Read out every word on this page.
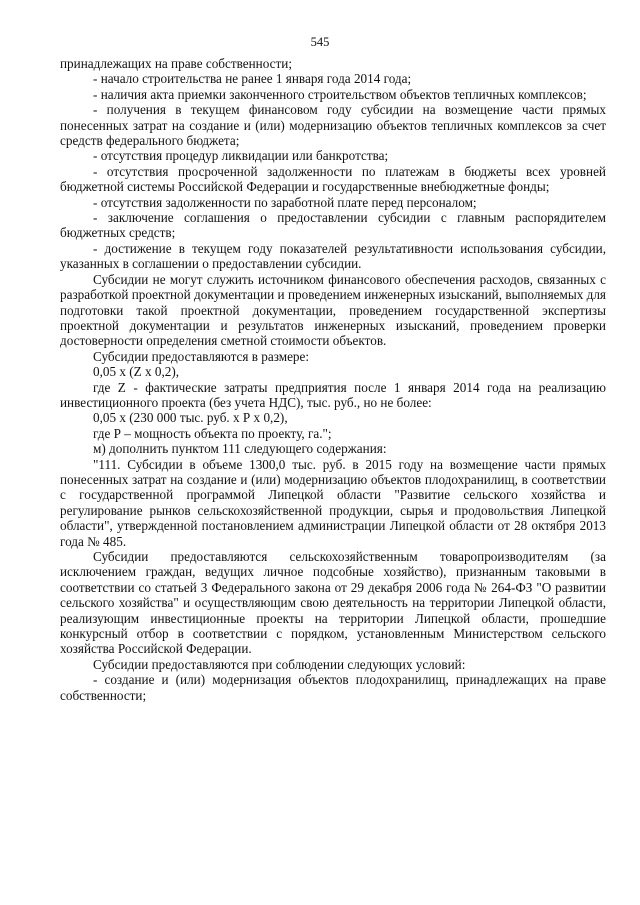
545

принадлежащих на праве собственности;

- начало строительства не ранее 1 января года 2014 года;

- наличия акта приемки законченного строительством объектов тепличных комплексов;

- получения в текущем финансовом году субсидии на возмещение части прямых понесенных затрат на создание и (или) модернизацию объектов тепличных комплексов за счет средств федерального бюджета;

- отсутствия процедур ликвидации или банкротства;

- отсутствия просроченной задолженности по платежам в бюджеты всех уровней бюджетной системы Российской Федерации и государственные внебюджетные фонды;

- отсутствия задолженности по заработной плате перед персоналом;

- заключение соглашения о предоставлении субсидии с главным распорядителем бюджетных средств;

- достижение в текущем году показателей результативности использования субсидии, указанных в соглашении о предоставлении субсидии.

Субсидии не могут служить источником финансового обеспечения расходов, связанных с разработкой проектной документации и проведением инженерных изысканий, выполняемых для подготовки такой проектной документации, проведением государственной экспертизы проектной документации и результатов инженерных изысканий, проведением проверки достоверности определения сметной стоимости объектов.

Субсидии предоставляются в размере:

0,05 х (Z х 0,2),

где Z - фактические затраты предприятия после 1 января 2014 года на реализацию инвестиционного проекта (без учета НДС), тыс. руб., но не более:

0,05 х (230 000 тыс. руб. х Р х 0,2),

где Р – мощность объекта по проекту, га.";

м) дополнить пунктом 111 следующего содержания:

"111. Субсидии в объеме 1300,0 тыс. руб. в 2015 году на возмещение части прямых понесенных затрат на создание и (или) модернизацию объектов плодохранилищ, в соответствии с государственной программой Липецкой области "Развитие сельского хозяйства и регулирование рынков сельскохозяйственной продукции, сырья и продовольствия Липецкой области", утвержденной постановлением администрации Липецкой области от 28 октября 2013 года № 485.

Субсидии предоставляются сельскохозяйственным товаропроизводителям (за исключением граждан, ведущих личное подсобные хозяйство), признанным таковыми в соответствии со статьей 3 Федерального закона от 29 декабря 2006 года № 264-ФЗ "О развитии сельского хозяйства" и осуществляющим свою деятельность на территории Липецкой области, реализующим инвестиционные проекты на территории Липецкой области, прошедшие конкурсный отбор в соответствии с порядком, установленным Министерством сельского хозяйства Российской Федерации.

Субсидии предоставляются при соблюдении следующих условий:

- создание и (или) модернизация объектов плодохранилищ, принадлежащих на праве собственности;
